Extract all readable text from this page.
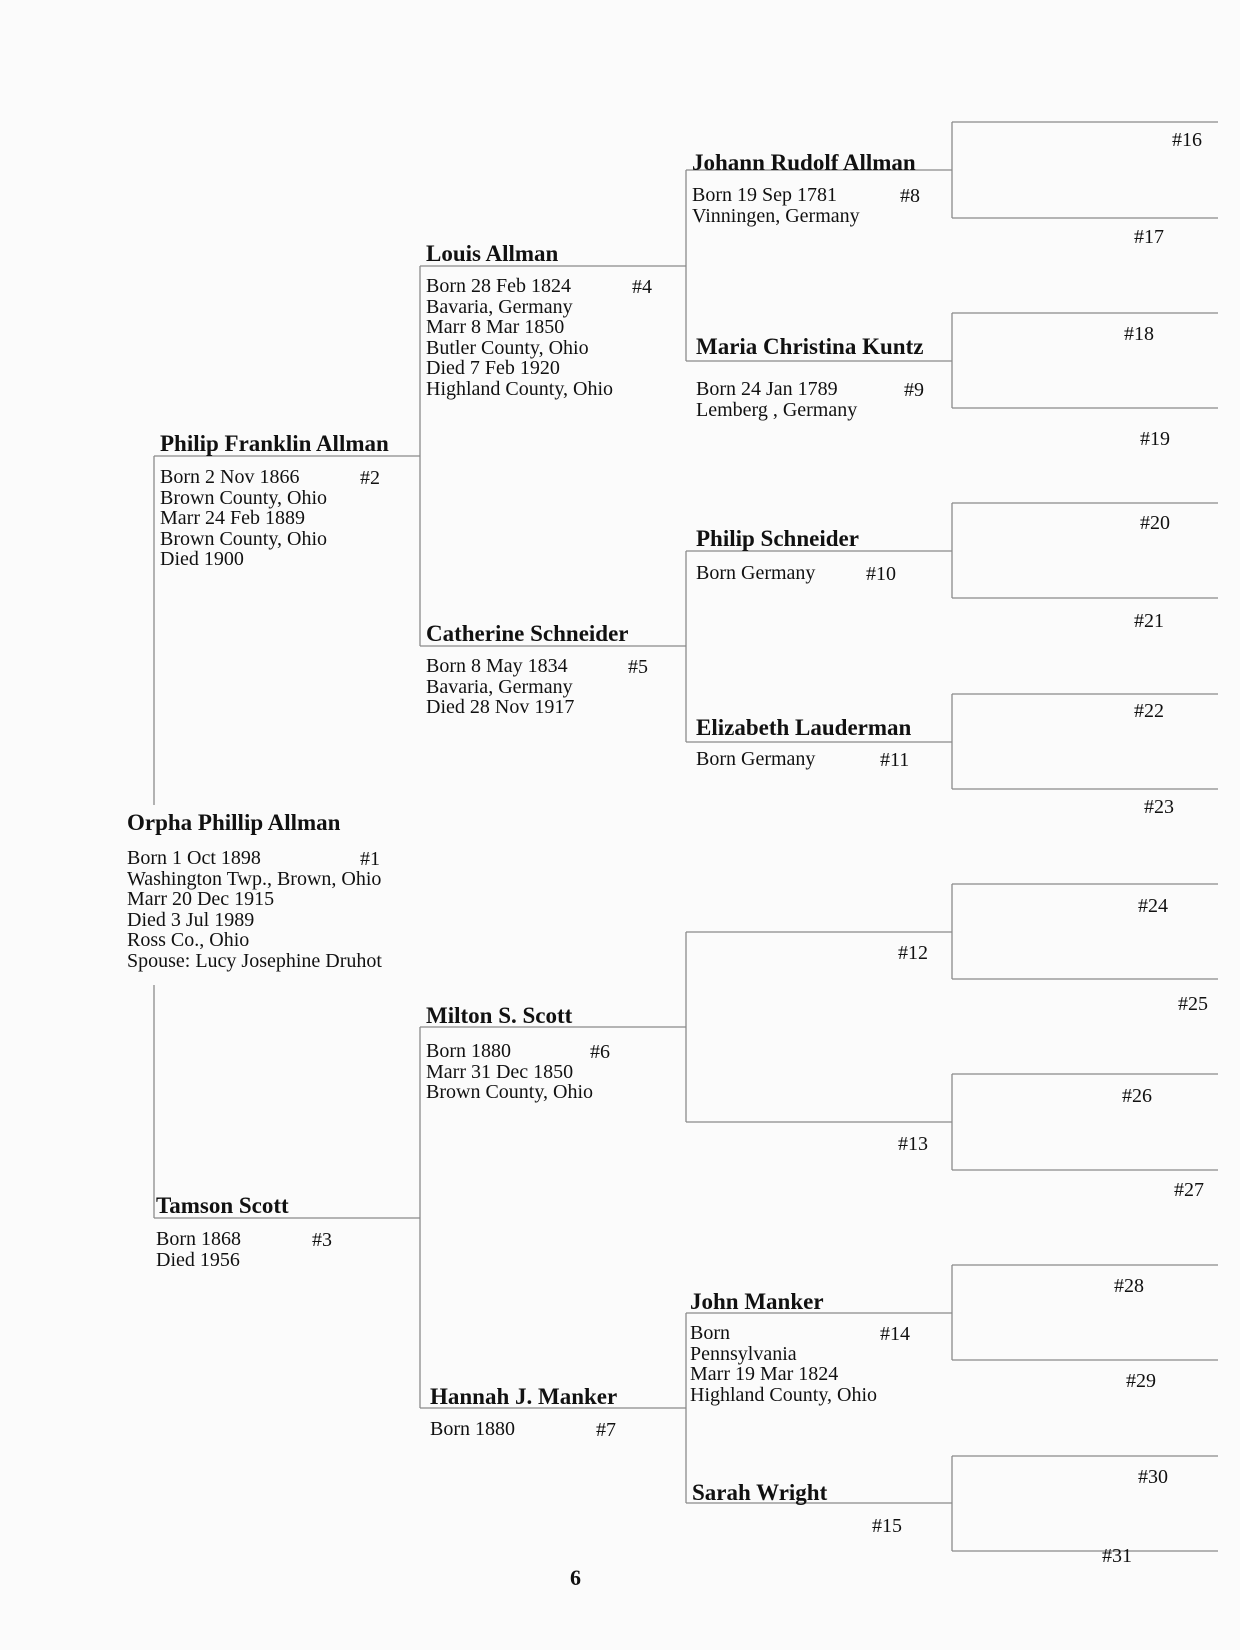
Orpha Phillip Allman
Born 1 Oct 1898
Washington Twp., Brown, Ohio
Marr 20 Dec 1915
Died 3 Jul 1989
Ross Co., Ohio
Spouse: Lucy Josephine Druhot
#1
Philip Franklin Allman
Born 2 Nov 1866
Brown County, Ohio
Marr 24 Feb 1889
Brown County, Ohio
Died 1900
#2
Tamson Scott
Born 1868
Died 1956
#3
Louis Allman
Born 28 Feb 1824
Bavaria, Germany
Marr 8 Mar 1850
Butler County, Ohio
Died 7 Feb 1920
Highland County, Ohio
#4
Catherine Schneider
Born 8 May 1834
Bavaria, Germany
Died 28 Nov 1917
#5
Milton S. Scott
Born 1880
Marr 31 Dec 1850
Brown County, Ohio
#6
Hannah J. Manker
Born 1880	#7
Johann Rudolf Allman
Born 19 Sep 1781
Vinningen, Germany
#8
Maria Christina Kuntz
Born 24 Jan 1789
Lemberg , Germany
#9
Philip Schneider
Born Germany	#10
Elizabeth Lauderman
Born Germany	#11
#12
#13
John Manker
Born
Pennsylvania
Marr 19 Mar 1824
Highland County, Ohio
#14
Sarah Wright
#15
#16
#17
#18
#19
#20
#21
#22
#23
#24
#25
#26
#27
#28
#29
#30
#31
6
